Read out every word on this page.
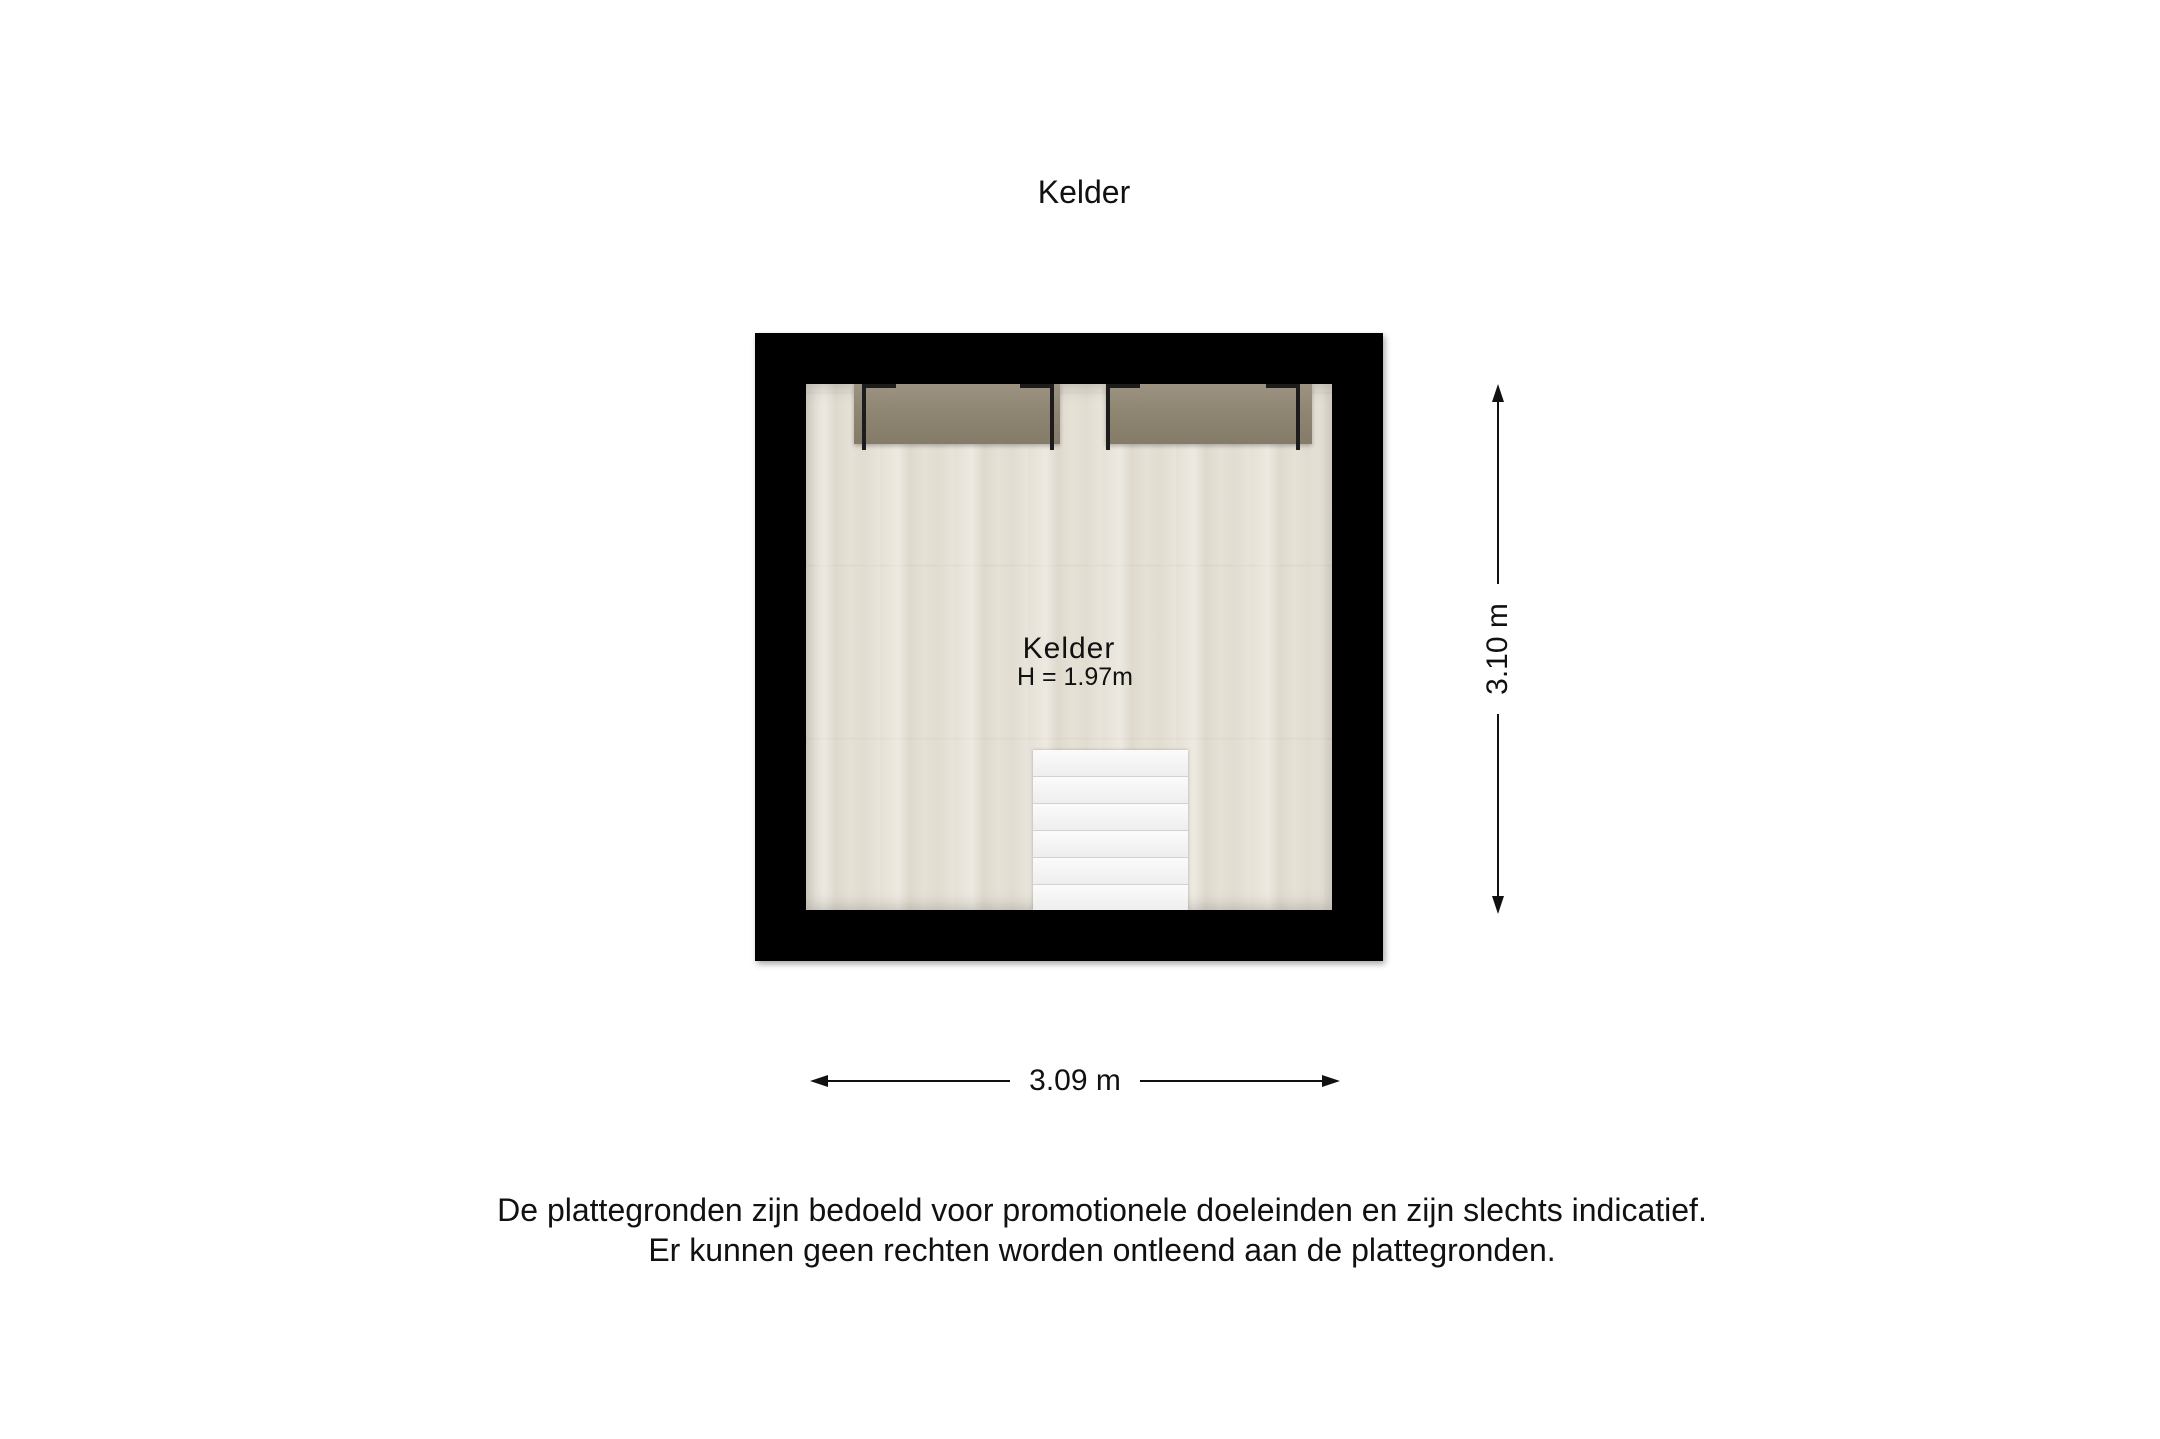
Kelder
Kelder
H = 1.97m
3.09 m
3.10 m
De plattegronden zijn bedoeld voor promotionele doeleinden en zijn slechts indicatief.
Er kunnen geen rechten worden ontleend aan de plattegronden.
